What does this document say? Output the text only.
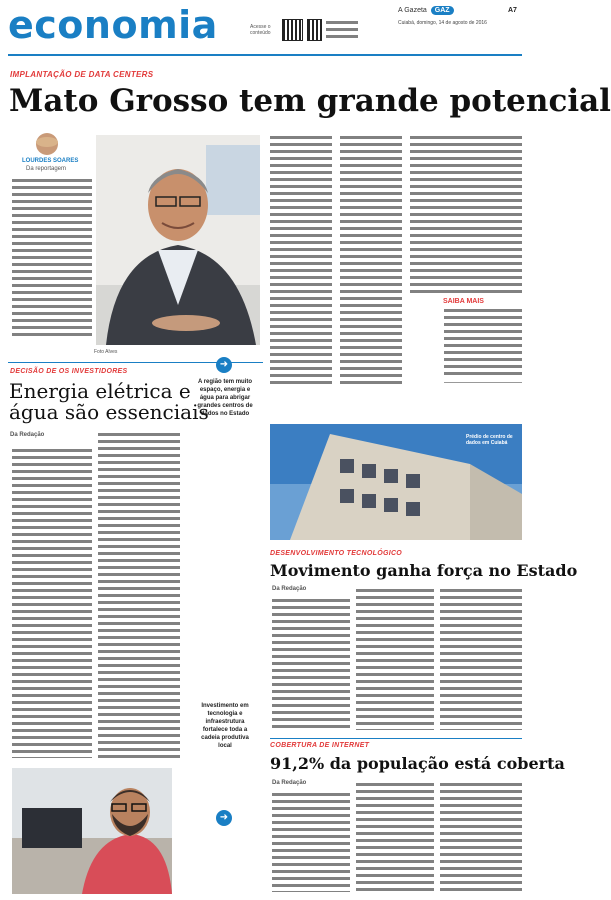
economia	Acesse o conteúdo
A Gazeta GAZ
Cuiabá, domingo, 14 de agosto de 2016
A7
IMPLANTAÇÃO DE DATA CENTERS
Mato Grosso tem grande potencial
LOURDES SOARES
Da reportagem
Foto Alves
SAIBA MAIS
DECISÃO DE OS INVESTIDORES
Energia elétrica e
água são essenciais
Da Redação
➜
A região tem muito espaço, energia e água para abrigar grandes centros de dados no Estado
Investimento em tecnologia e infraestrutura fortalece toda a cadeia produtiva local
➜
Prédio de centro de dados em Cuiabá
DESENVOLVIMENTO TECNOLÓGICO
Movimento ganha força no Estado
Da Redação
COBERTURA DE INTERNET
91,2% da população está coberta
Da Redação
